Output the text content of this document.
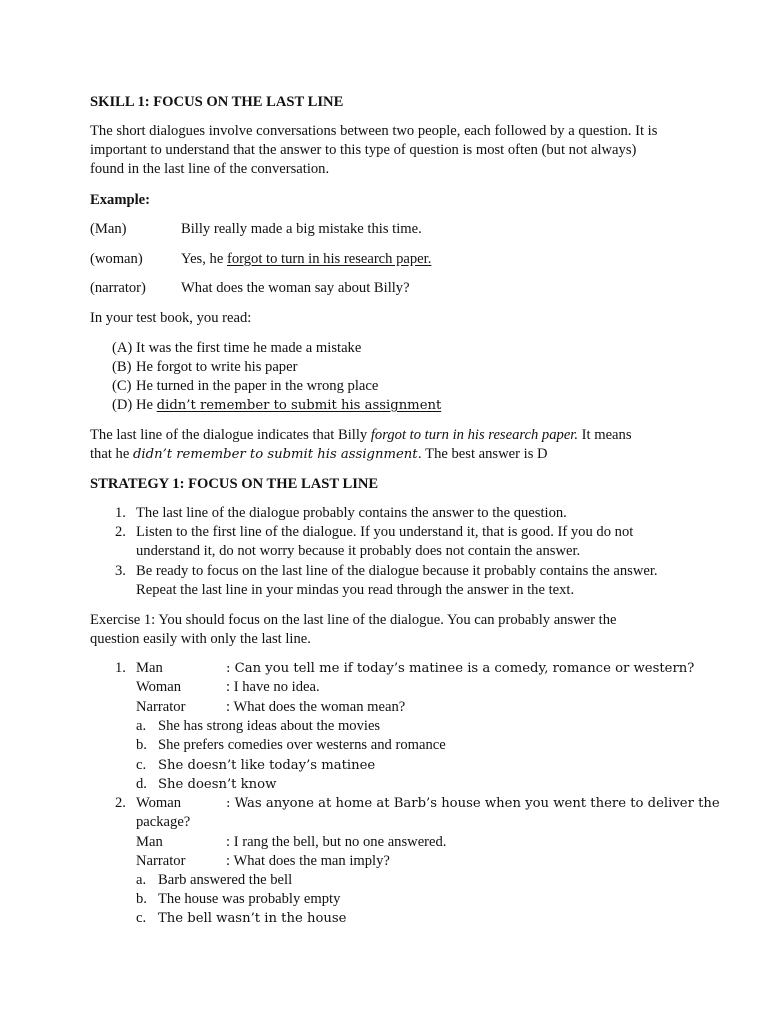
SKILL 1: FOCUS ON THE LAST LINE
The short dialogues involve conversations between two people, each followed by a question. It is
important to understand that the answer to this type of question is most often (but not always)
found in the last line of the conversation.
Example:
(Man)	Billy really made a big mistake this time.
(woman)	Yes, he forgot to turn in his research paper.
(narrator) What does the woman say about Billy?
In your test book, you read:
(A) It was the first time he made a mistake
(B) He forgot to write his paper
(C) He turned in the paper in the wrong place
(D) He didn’t remember to submit his assignment
The last line of the dialogue indicates that Billy forgot to turn in his research paper. It means
that he didn’t remember to submit his assignment. The best answer is D
STRATEGY 1: FOCUS ON THE LAST LINE
1. The last line of the dialogue probably contains the answer to the question.
2. Listen to the first line of the dialogue. If you understand it, that is good. If you do not
understand it, do not worry because it probably does not contain the answer.
3. Be ready to focus on the last line of the dialogue because it probably contains the answer.
Repeat the last line in your mindas you read through the answer in the text.
Exercise 1: You should focus on the last line of the dialogue. You can probably answer the
question easily with only the last line.
1. Man	: Can you tell me if today’s matinee is a comedy, romance or western?
Woman	: I have no idea.
Narrator	: What does the woman mean?
a. She has strong ideas about the movies
b. She prefers comedies over westerns and romance
c. She doesn’t like today’s matinee
d. She doesn’t know
2. Woman	: Was anyone at home at Barb’s house when you went there to deliver the
package?
Man	: I rang the bell, but no one answered.
Narrator	: What does the man imply?
a. Barb answered the bell
b. The house was probably empty
c. The bell wasn’t in the house
